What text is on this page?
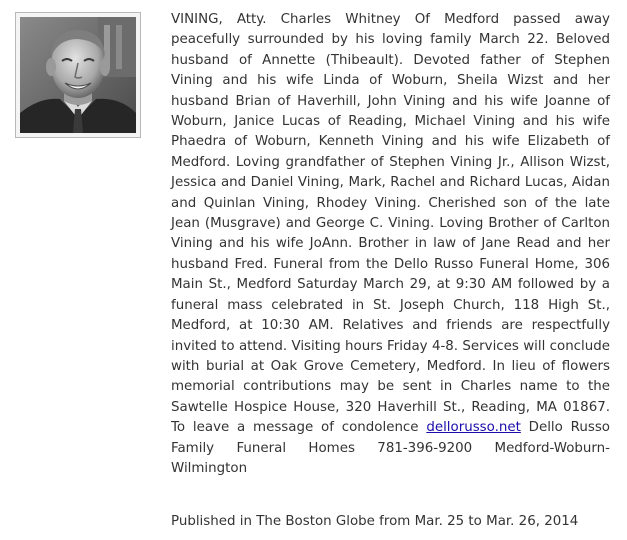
VINING, Atty. Charles Whitney Of Medford passed away peacefully surrounded by his loving family March 22. Beloved husband of Annette (Thibeault). Devoted father of Stephen Vining and his wife Linda of Woburn, Sheila Wizst and her husband Brian of Haverhill, John Vining and his wife Joanne of Woburn, Janice Lucas of Reading, Michael Vining and his wife Phaedra of Woburn, Kenneth Vining and his wife Elizabeth of Medford. Loving grandfather of Stephen Vining Jr., Allison Wizst, Jessica and Daniel Vining, Mark, Rachel and Richard Lucas, Aidan and Quinlan Vining, Rhodey Vining. Cherished son of the late Jean (Musgrave) and George C. Vining. Loving Brother of Carlton Vining and his wife JoAnn. Brother in law of Jane Read and her husband Fred. Funeral from the Dello Russo Funeral Home, 306 Main St., Medford Saturday March 29, at 9:30 AM followed by a funeral mass celebrated in St. Joseph Church, 118 High St., Medford, at 10:30 AM. Relatives and friends are respectfully invited to attend. Visiting hours Friday 4-8. Services will conclude with burial at Oak Grove Cemetery, Medford. In lieu of flowers memorial contributions may be sent in Charles name to the Sawtelle Hospice House, 320 Haverhill St., Reading, MA 01867. To leave a message of condolence dellorusso.net Dello Russo Family Funeral Homes 781-396-9200 Medford-Woburn-Wilmington

Published in The Boston Globe from Mar. 25 to Mar. 26, 2014
